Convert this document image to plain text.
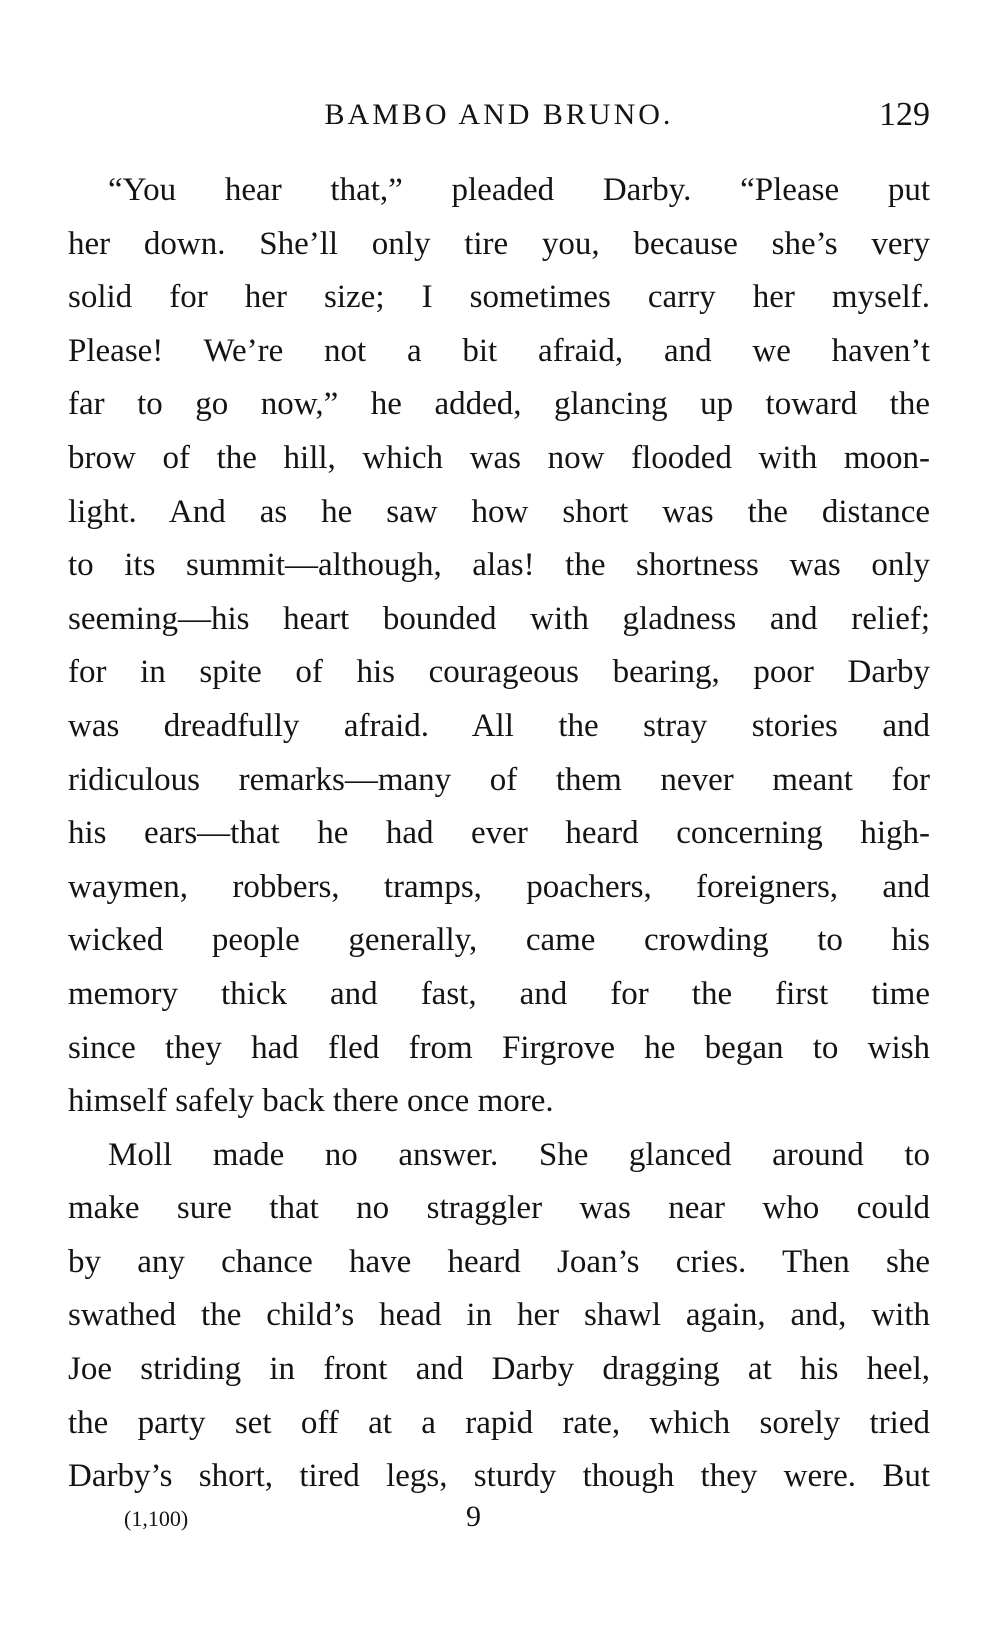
BAMBO AND BRUNO.	129
“You hear that,” pleaded Darby. “Please put
her down. She’ll only tire you, because she’s very
solid for her size; I sometimes carry her myself.
Please! We’re not a bit afraid, and we haven’t
far to go now,” he added, glancing up toward the
brow of the hill, which was now flooded with moon-
light. And as he saw how short was the distance
to its summit—although, alas! the shortness was only
seeming—his heart bounded with gladness and relief;
for in spite of his courageous bearing, poor Darby
was dreadfully afraid. All the stray stories and
ridiculous remarks—many of them never meant for
his ears—that he had ever heard concerning high-
waymen, robbers, tramps, poachers, foreigners, and
wicked people generally, came crowding to his
memory thick and fast, and for the first time
since they had fled from Firgrove he began to wish
himself safely back there once more.
Moll made no answer. She glanced around to
make sure that no straggler was near who could
by any chance have heard Joan’s cries. Then she
swathed the child’s head in her shawl again, and, with
Joe striding in front and Darby dragging at his heel,
the party set off at a rapid rate, which sorely tried
Darby’s short, tired legs, sturdy though they were. But
(1,100)	9
